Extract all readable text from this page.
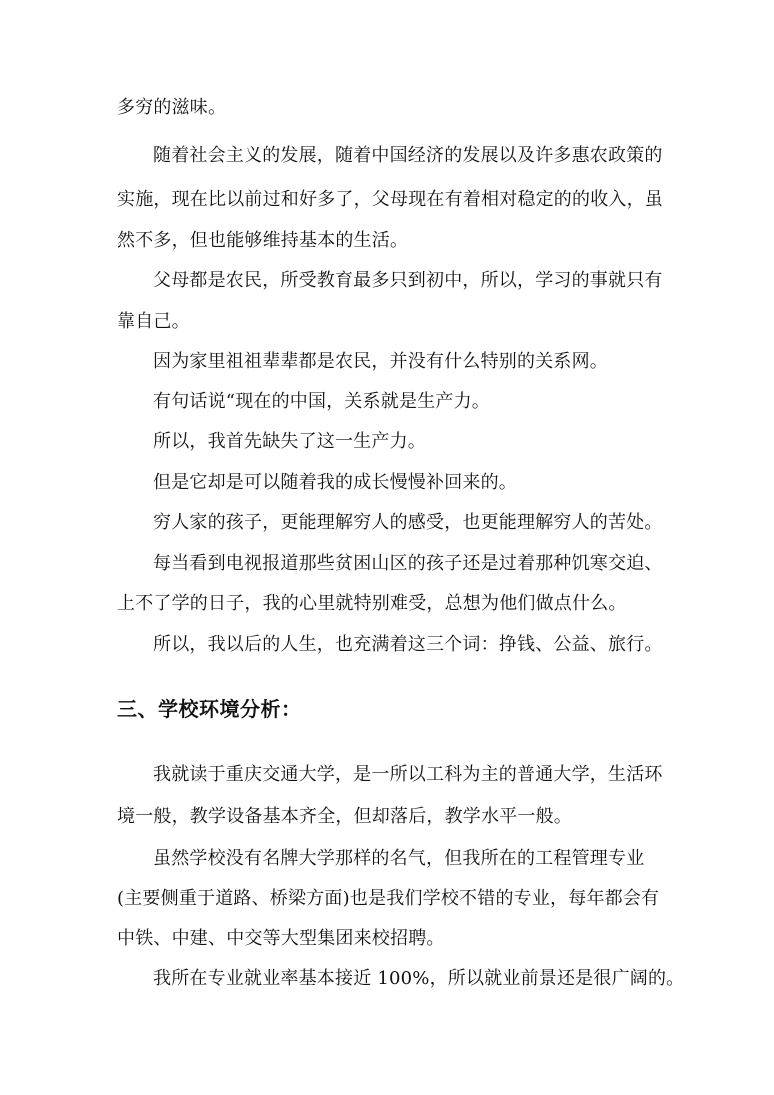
多穷的滋味。

随着社会主义的发展，随着中国经济的发展以及许多惠农政策的

实施，现在比以前过和好多了，父母现在有着相对稳定的的收入，虽

然不多，但也能够维持基本的生活。

父母都是农民，所受教育最多只到初中，所以，学习的事就只有

靠自己。

因为家里祖祖辈辈都是农民，并没有什么特别的关系网。

有句话说“现在的中国，关系就是生产力。

所以，我首先缺失了这一生产力。

但是它却是可以随着我的成长慢慢补回来的。

穷人家的孩子，更能理解穷人的感受，也更能理解穷人的苦处。

每当看到电视报道那些贫困山区的孩子还是过着那种饥寒交迫、

上不了学的日子，我的心里就特别难受，总想为他们做点什么。

所以，我以后的人生，也充满着这三个词：挣钱、公益、旅行。

三、学校环境分析：

我就读于重庆交通大学，是一所以工科为主的普通大学，生活环

境一般，教学设备基本齐全，但却落后，教学水平一般。

虽然学校没有名牌大学那样的名气，但我所在的工程管理专业

(主要侧重于道路、桥梁方面)也是我们学校不错的专业，每年都会有

中铁、中建、中交等大型集团来校招聘。

我所在专业就业率基本接近 100%，所以就业前景还是很广阔的。
